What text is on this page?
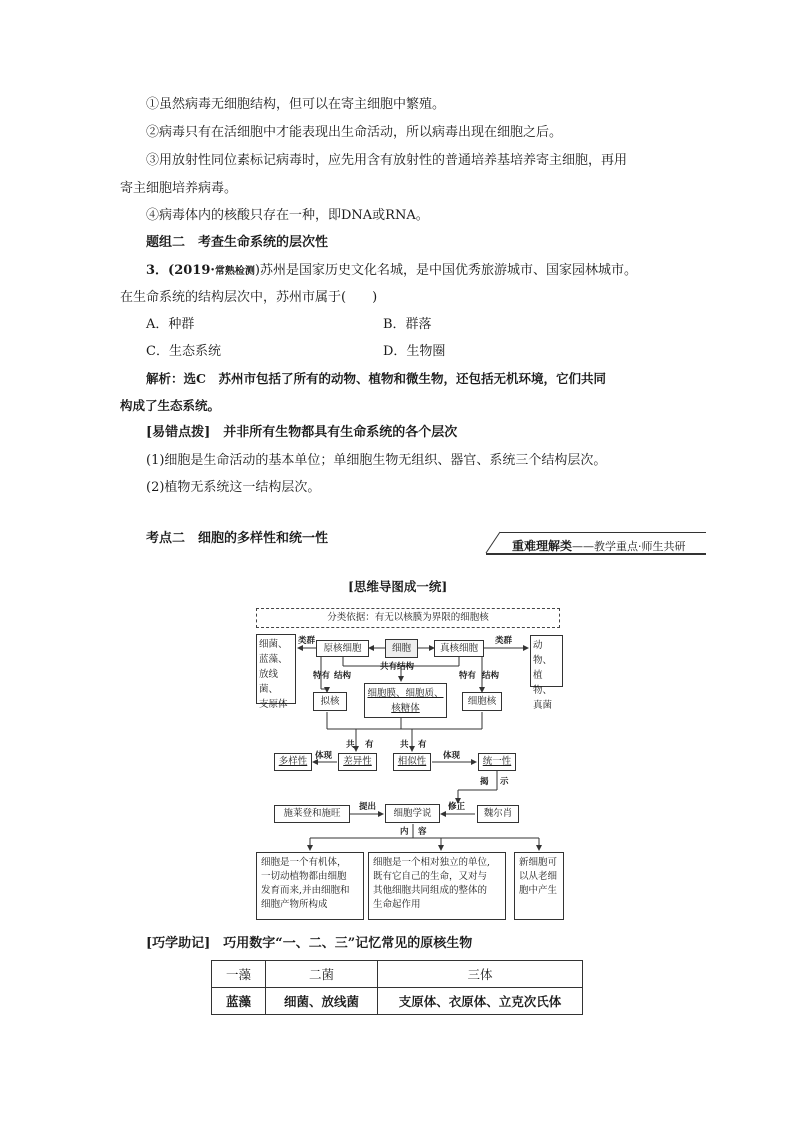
①虽然病毒无细胞结构，但可以在寄主细胞中繁殖。
②病毒只有在活细胞中才能表现出生命活动，所以病毒出现在细胞之后。
③用放射性同位素标记病毒时，应先用含有放射性的普通培养基培养寄主细胞，再用
寄主细胞培养病毒。
④病毒体内的核酸只存在一种，即DNA或RNA。
题组二　考查生命系统的层次性
3．(2019·常熟检测)苏州是国家历史文化名城，是中国优秀旅游城市、国家园林城市。
在生命系统的结构层次中，苏州市属于(　　)
A．种群	B．群落
C．生态系统	D．生物圈
解析：选C　苏州市包括了所有的动物、植物和微生物，还包括无机环境，它们共同
构成了生态系统。
[易错点拨]　并非所有生物都具有生命系统的各个层次
(1)细胞是生命活动的基本单位；单细胞生物无组织、器官、系统三个结构层次。
(2)植物无系统这一结构层次。
考点二　细胞的多样性和统一性	重难理解类——教学重点·师生共研
[思维导图成一统]
分类依据：有无以核膜为界限的细胞核
细胞
原核细胞	真核细胞
细菌、
蓝藻、
放线菌、
支原体
动物、
植物、
真菌
类群	类群
共有结构
特有 结构	特有 结构
拟核
细胞膜、细胞质、
核糖体
细胞核
共 有	共 有
多样性 体现	差异性	相似性	体现	统一性
揭 示
施莱登和施旺
提出
细胞学说
修正
魏尔肖
内 容
细胞是一个有机体，
一切动植物都由细胞
发育而来,并由细胞和
细胞产物所构成
细胞是一个相对独立的单位,
既有它自己的生命，又对与
其他细胞共同组成的整体的
生命起作用
新细胞可
以从老细
胞中产生
[巧学助记]　巧用数字“一、二、三”记忆常见的原核生物
一藻	二菌	三体
蓝藻	细菌、放线菌	支原体、衣原体、立克次氏体
